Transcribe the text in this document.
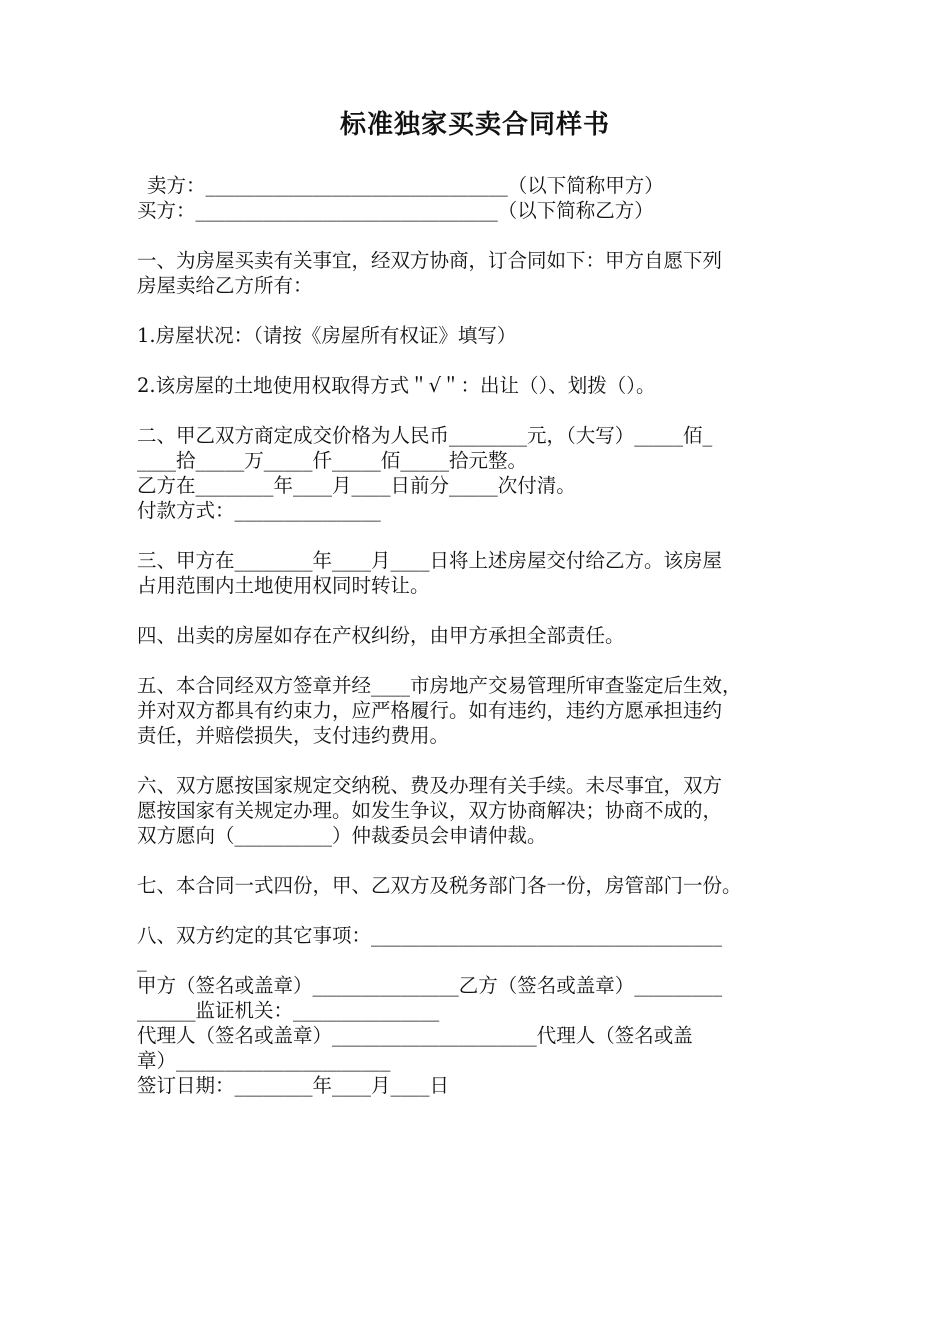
标准独家买卖合同样书
卖方：_______________________________（以下简称甲方）
买方：_______________________________（以下简称乙方）
一、为房屋买卖有关事宜，经双方协商，订合同如下：甲方自愿下列
房屋卖给乙方所有：
1.房屋状况：（请按《房屋所有权证》填写）
2.该房屋的土地使用权取得方式＂√＂：出让（）、划拨（）。
二、甲乙双方商定成交价格为人民币________元，（大写）_____佰_
____拾_____万_____仟_____佰_____拾元整。
乙方在________年____月____日前分_____次付清。
付款方式：_______________
三、甲方在________年____月____日将上述房屋交付给乙方。该房屋
占用范围内土地使用权同时转让。
四、出卖的房屋如存在产权纠纷，由甲方承担全部责任。
五、本合同经双方签章并经____市房地产交易管理所审查鉴定后生效，
并对双方都具有约束力，应严格履行。如有违约，违约方愿承担违约
责任，并赔偿损失，支付违约费用。
六、双方愿按国家规定交纳税、费及办理有关手续。未尽事宜，双方
愿按国家有关规定办理。如发生争议，双方协商解决；协商不成的，
双方愿向（__________）仲裁委员会申请仲裁。
七、本合同一式四份，甲、乙双方及税务部门各一份，房管部门一份。
八、双方约定的其它事项：____________________________________
_
甲方（签名或盖章）_______________乙方（签名或盖章）_________
______监证机关：_______________
代理人（签名或盖章）_____________________代理人（签名或盖
章）______________________
签订日期：________年____月____日
